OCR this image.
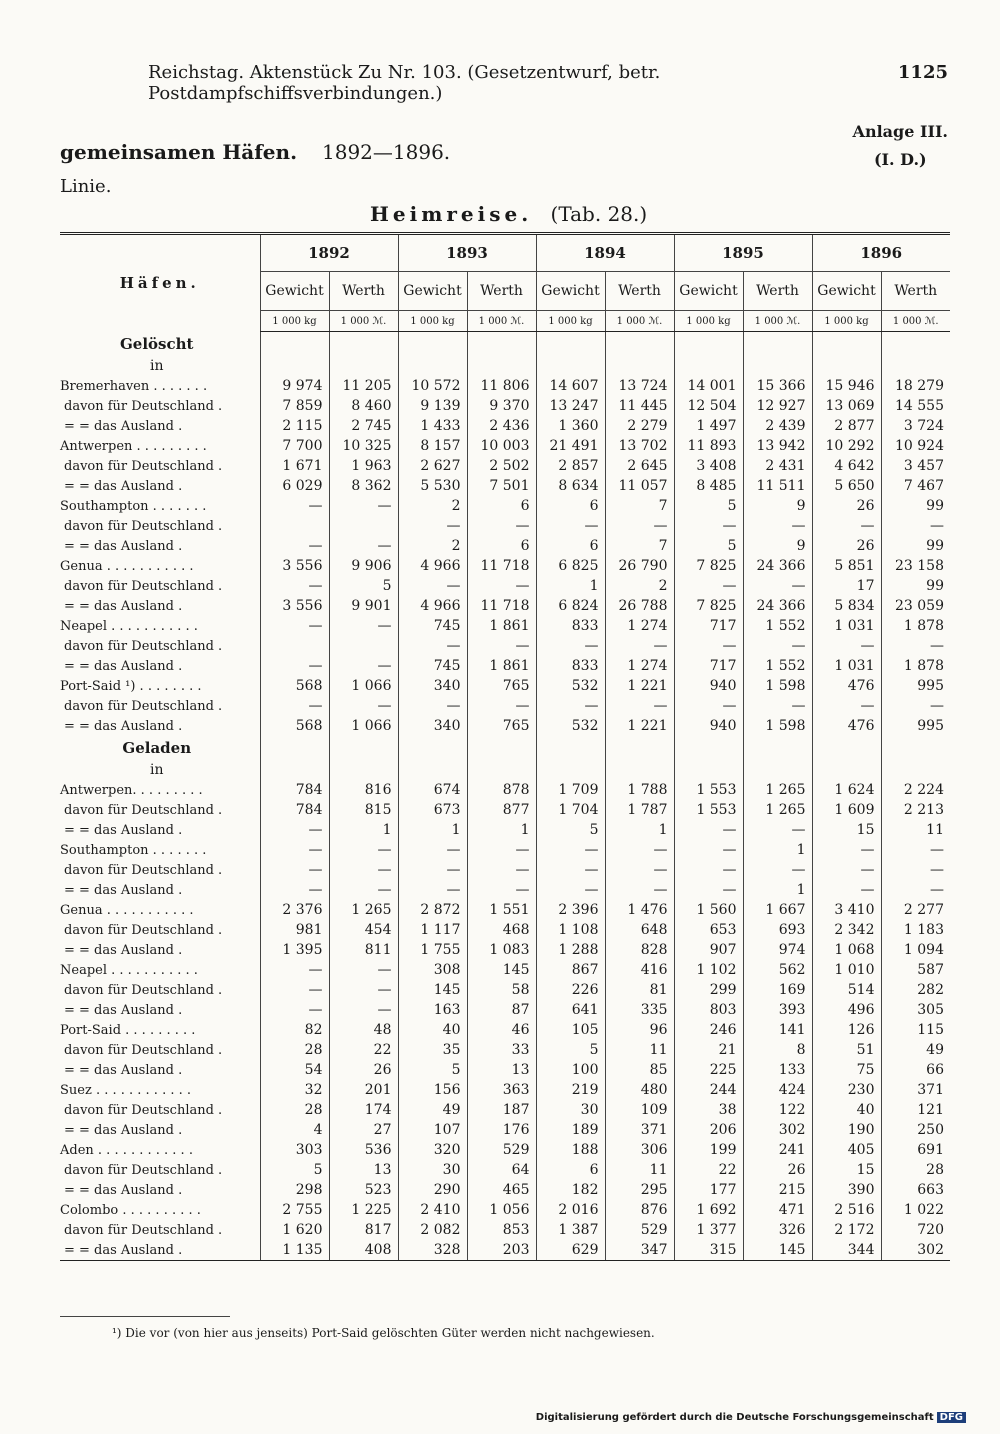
Reichstag. Aktenstück Zu Nr. 103. (Gesetzentwurf, betr. Postdampfschiffsverbindungen.)
1125
gemeinsamen Häfen. 1892—1896.
Anlage III.
(I. D.)
Linie.
Heimreise. (Tab. 28.)
Häfen.	1892		1893		1894		1895		1896	
	Gewicht	Werth	Gewicht	Werth	Gewicht	Werth	Gewicht	Werth	Gewicht	Werth
	1 000 kg	1 000 ℳ.	1 000 kg	1 000 ℳ.	1 000 kg	1 000 ℳ.	1 000 kg	1 000 ℳ.	1 000 kg	1 000 ℳ.
Gelöscht										
in										
Bremerhaven . . . . . . .	9 974	11 205	10 572	11 806	14 607	13 724	14 001	15 366	15 946	18 279
davon für Deutschland .	7 859	8 460	9 139	9 370	13 247	11 445	12 504	12 927	13 069	14 555
= = das Ausland .	2 115	2 745	1 433	2 436	1 360	2 279	1 497	2 439	2 877	3 724
Antwerpen . . . . . . . . .	7 700	10 325	8 157	10 003	21 491	13 702	11 893	13 942	10 292	10 924
davon für Deutschland .	1 671	1 963	2 627	2 502	2 857	2 645	3 408	2 431	4 642	3 457
= = das Ausland .	6 029	8 362	5 530	7 501	8 634	11 057	8 485	11 511	5 650	7 467
Southampton . . . . . . .	—	—	2	6	6	7	5	9	26	99
davon für Deutschland .			—	—	—	—	—	—	—	—
= = das Ausland .	—	—	2	6	6	7	5	9	26	99
Genua . . . . . . . . . . .	3 556	9 906	4 966	11 718	6 825	26 790	7 825	24 366	5 851	23 158
davon für Deutschland .	—	5	—	—	1	2	—	—	17	99
= = das Ausland .	3 556	9 901	4 966	11 718	6 824	26 788	7 825	24 366	5 834	23 059
Neapel . . . . . . . . . . .	—	—	745	1 861	833	1 274	717	1 552	1 031	1 878
davon für Deutschland .			—	—	—	—	—	—	—	—
= = das Ausland .	—	—	745	1 861	833	1 274	717	1 552	1 031	1 878
Port-Said ¹) . . . . . . . .	568	1 066	340	765	532	1 221	940	1 598	476	995
davon für Deutschland .	—	—	—	—	—	—	—	—	—	—
= = das Ausland .	568	1 066	340	765	532	1 221	940	1 598	476	995
Geladen										
in										
Antwerpen. . . . . . . . .	784	816	674	878	1 709	1 788	1 553	1 265	1 624	2 224
davon für Deutschland .	784	815	673	877	1 704	1 787	1 553	1 265	1 609	2 213
= = das Ausland .	—	1	1	1	5	1	—	—	15	11
Southampton . . . . . . .	—	—	—	—	—	—	—	1	—	—
davon für Deutschland .	—	—	—	—	—	—	—	—	—	—
= = das Ausland .	—	—	—	—	—	—	—	1	—	—
Genua . . . . . . . . . . .	2 376	1 265	2 872	1 551	2 396	1 476	1 560	1 667	3 410	2 277
davon für Deutschland .	981	454	1 117	468	1 108	648	653	693	2 342	1 183
= = das Ausland .	1 395	811	1 755	1 083	1 288	828	907	974	1 068	1 094
Neapel . . . . . . . . . . .	—	—	308	145	867	416	1 102	562	1 010	587
davon für Deutschland .	—	—	145	58	226	81	299	169	514	282
= = das Ausland .	—	—	163	87	641	335	803	393	496	305
Port-Said . . . . . . . . .	82	48	40	46	105	96	246	141	126	115
davon für Deutschland .	28	22	35	33	5	11	21	8	51	49
= = das Ausland .	54	26	5	13	100	85	225	133	75	66
Suez . . . . . . . . . . . .	32	201	156	363	219	480	244	424	230	371
davon für Deutschland .	28	174	49	187	30	109	38	122	40	121
= = das Ausland .	4	27	107	176	189	371	206	302	190	250
Aden . . . . . . . . . . . .	303	536	320	529	188	306	199	241	405	691
davon für Deutschland .	5	13	30	64	6	11	22	26	15	28
= = das Ausland .	298	523	290	465	182	295	177	215	390	663
Colombo . . . . . . . . . .	2 755	1 225	2 410	1 056	2 016	876	1 692	471	2 516	1 022
davon für Deutschland .	1 620	817	2 082	853	1 387	529	1 377	326	2 172	720
= = das Ausland .	1 135	408	328	203	629	347	315	145	344	302
¹) Die vor (von hier aus jenseits) Port-Said gelöschten Güter werden nicht nachgewiesen.
Digitalisierung gefördert durch die Deutsche Forschungsgemeinschaft DFG
